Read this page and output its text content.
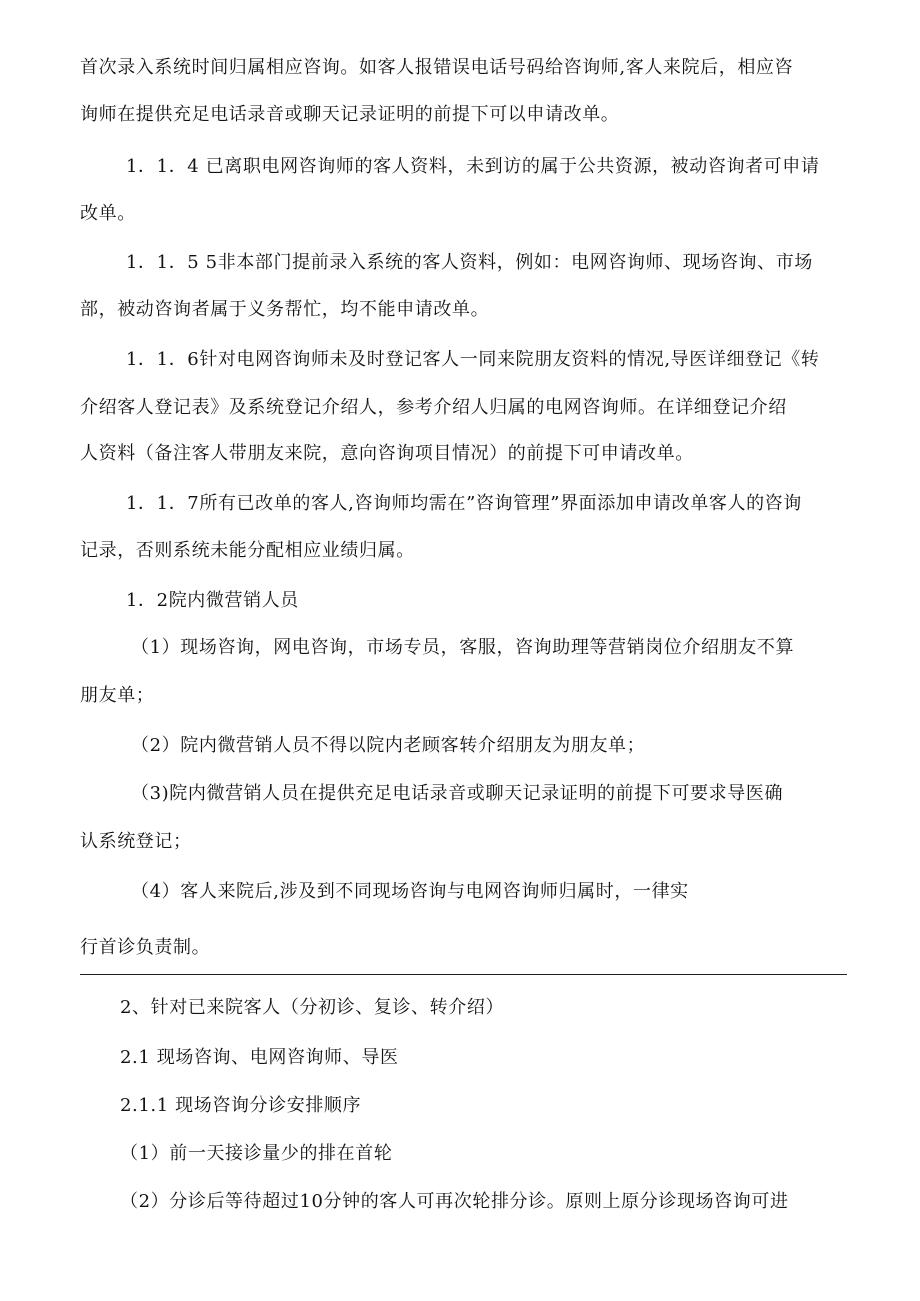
首次录入系统时间归属相应咨询。如客人报错误电话号码给咨询师,客人来院后，相应咨
询师在提供充足电话录音或聊天记录证明的前提下可以申请改单。
1．1．4 已离职电网咨询师的客人资料，未到访的属于公共资源，被动咨询者可申请
改单。
1．1．5 5非本部门提前录入系统的客人资料，例如：电网咨询师、现场咨询、市场
部，被动咨询者属于义务帮忙，均不能申请改单。
1．1．6针对电网咨询师未及时登记客人一同来院朋友资料的情况,导医详细登记《转
介绍客人登记表》及系统登记介绍人，参考介绍人归属的电网咨询师。在详细登记介绍
人资料（备注客人带朋友来院，意向咨询项目情况）的前提下可申请改单。
1．1．7所有已改单的客人,咨询师均需在”咨询管理”界面添加申请改单客人的咨询
记录，否则系统未能分配相应业绩归属。
1．2院内微营销人员
（1）现场咨询，网电咨询，市场专员，客服，咨询助理等营销岗位介绍朋友不算
朋友单；
（2）院内微营销人员不得以院内老顾客转介绍朋友为朋友单；
（3)院内微营销人员在提供充足电话录音或聊天记录证明的前提下可要求导医确
认系统登记；
（4）客人来院后,涉及到不同现场咨询与电网咨询师归属时，一律实
行首诊负责制。
2、针对已来院客人（分初诊、复诊、转介绍）
2.1 现场咨询、电网咨询师、导医
2.1.1 现场咨询分诊安排顺序
（1）前一天接诊量少的排在首轮
（2）分诊后等待超过10分钟的客人可再次轮排分诊。原则上原分诊现场咨询可进
